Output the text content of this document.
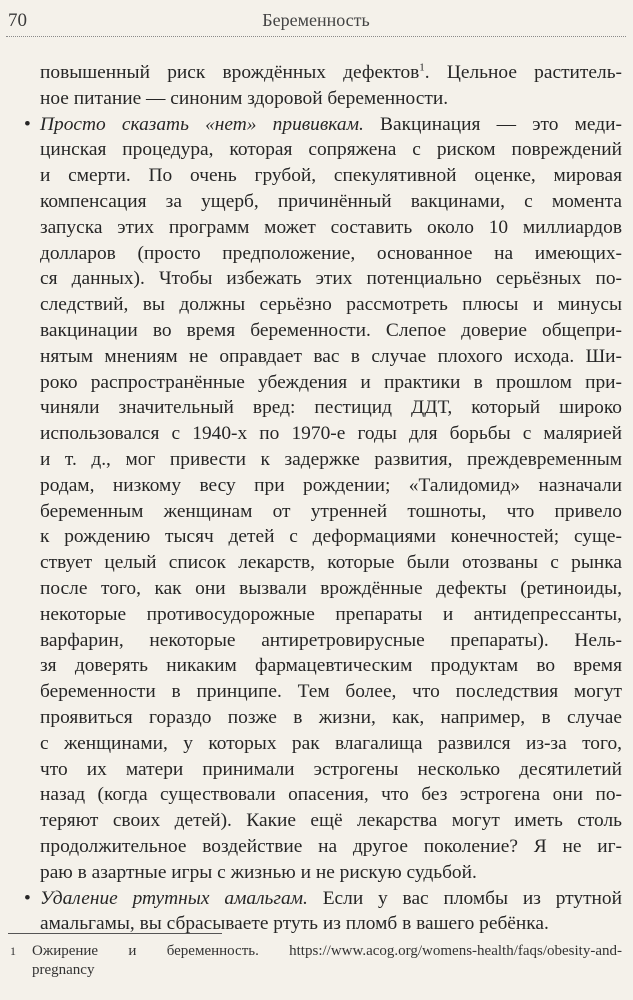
70	Беременность

повышенный риск врождённых дефектов$^1$. Цельное раститель-

ное питание — синоним здоровой беременности.

• Просто сказать «нет» прививкам. Вакцинация — это меди-

цинская процедура, которая сопряжена с риском повреждений

и смерти. По очень грубой, спекулятивной оценке, мировая

компенсация за ущерб, причинённый вакцинами, с момента

запуска этих программ может составить около 10 миллиардов

долларов (просто предположение, основанное на имеющих-

ся данных). Чтобы избежать этих потенциально серьёзных по-

следствий, вы должны серьёзно рассмотреть плюсы и минусы

вакцинации во время беременности. Слепое доверие общепри-

нятым мнениям не оправдает вас в случае плохого исхода. Ши-

роко распространённые убеждения и практики в прошлом при-

чиняли значительный вред: пестицид ДДТ, который широко

использовался с 1940-х по 1970-е годы для борьбы с малярией

и т. д., мог привести к задержке развития, преждевременным

родам, низкому весу при рождении; «Талидомид» назначали

беременным женщинам от утренней тошноты, что привело

к рождению тысяч детей с деформациями конечностей; суще-

ствует целый список лекарств, которые были отозваны с рынка

после того, как они вызвали врождённые дефекты (ретиноиды,

некоторые противосудорожные препараты и антидепрессанты,

варфарин, некоторые антиретровирусные препараты). Нель-

зя доверять никаким фармацевтическим продуктам во время

беременности в принципе. Тем более, что последствия могут

проявиться гораздо позже в жизни, как, например, в случае

с женщинами, у которых рак влагалища развился из-за того,

что их матери принимали эстрогены несколько десятилетий

назад (когда существовали опасения, что без эстрогена они по-

теряют своих детей). Какие ещё лекарства могут иметь столь

продолжительное воздействие на другое поколение? Я не иг-

раю в азартные игры с жизнью и не рискую судьбой.

• Удаление ртутных амальгам. Если у вас пломбы из ртутной

амальгамы, вы сбрасываете ртуть из пломб в вашего ребёнка.

1 Ожирение и беременность. https://www.acog.org/womens-health/faqs/obesity-and-
pregnancy
